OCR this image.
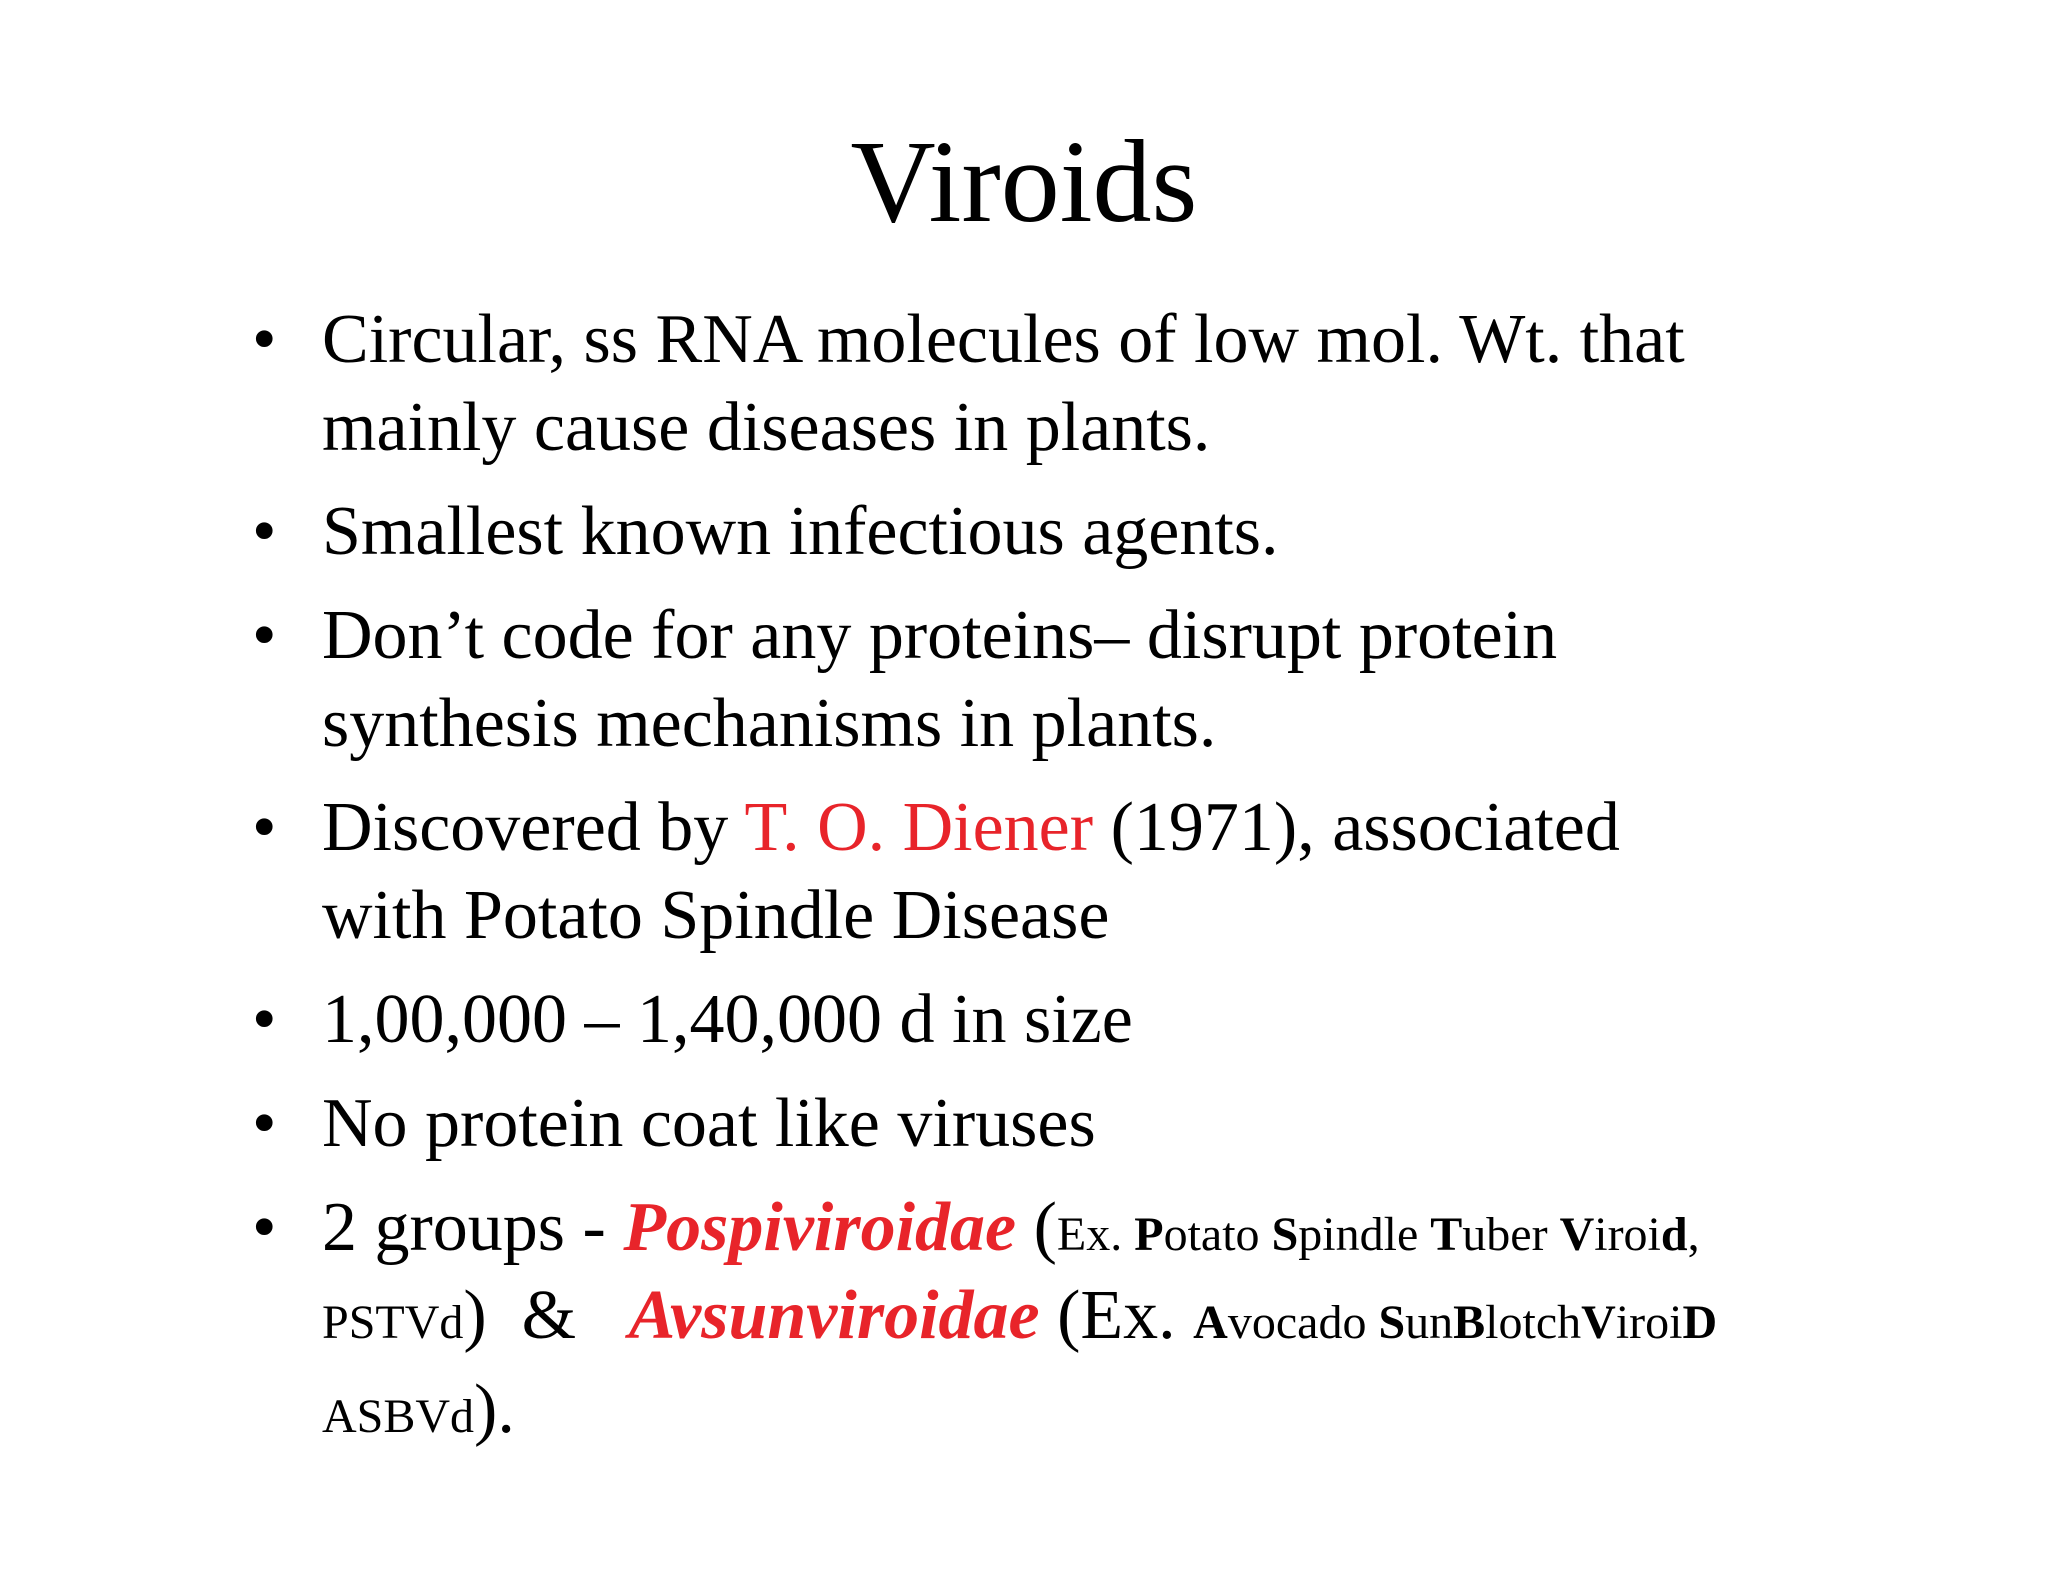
Viroids
• Circular, ss RNA molecules of low mol. Wt. that
mainly cause diseases in plants.
• Smallest known infectious agents.
• Don’t code for any proteins– disrupt protein
synthesis mechanisms in plants.
• Discovered by T. O. Diener (1971), associated
with Potato Spindle Disease
• 1,00,000 – 1,40,000 d in size
• No protein coat like viruses
• 2 groups - Pospiviroidae (Ex. Potato Spindle Tuber Viroid,
PSTVd)  &   Avsunviroidae (Ex. Avocado SunBlotchViroiD
ASBVd).
